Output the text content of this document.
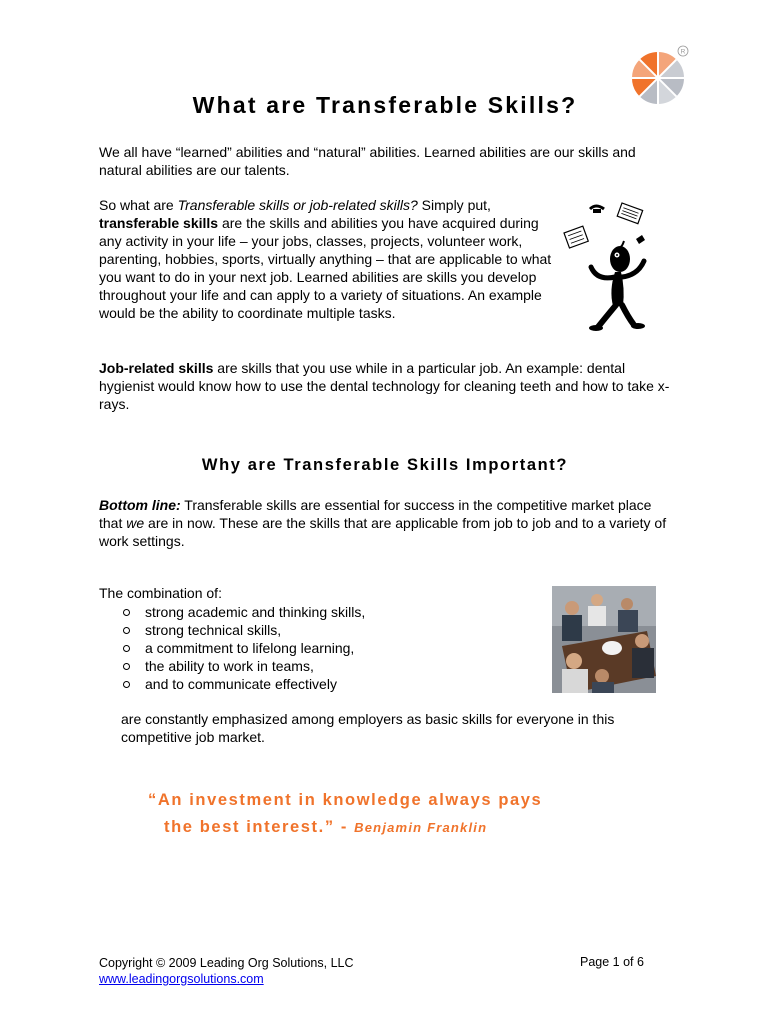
R
What are Transferable Skills?

We all have “learned” abilities and “natural” abilities. Learned abilities are our skills and natural abilities are our talents.

So what are Transferable skills or job-related skills? Simply put, transferable skills are the skills and abilities you have acquired during any activity in your life – your jobs, classes, projects, volunteer work, parenting, hobbies, sports, virtually anything – that are applicable to what you want to do in your next job. Learned abilities are skills you develop throughout your life and can apply to a variety of situations. An example would be the ability to coordinate multiple tasks.

Job-related skills are skills that you use while in a particular job. An example: dental hygienist would know how to use the dental technology for cleaning teeth and how to take x-rays.

Why are Transferable Skills Important?

Bottom line: Transferable skills are essential for success in the competitive market place that we are in now. These are the skills that are applicable from job to job and to a variety of work settings.

The combination of:

strong academic and thinking skills,
strong technical skills,
a commitment to lifelong learning,
the ability to work in teams,
and to communicate effectively

are constantly emphasized among employers as basic skills for everyone in this competitive job market.

“An investment in knowledge always pays

the best interest.” - Benjamin Franklin

Copyright © 2009 Leading Org Solutions, LLC
www.leadingorgsolutions.com
Page 1 of 6
